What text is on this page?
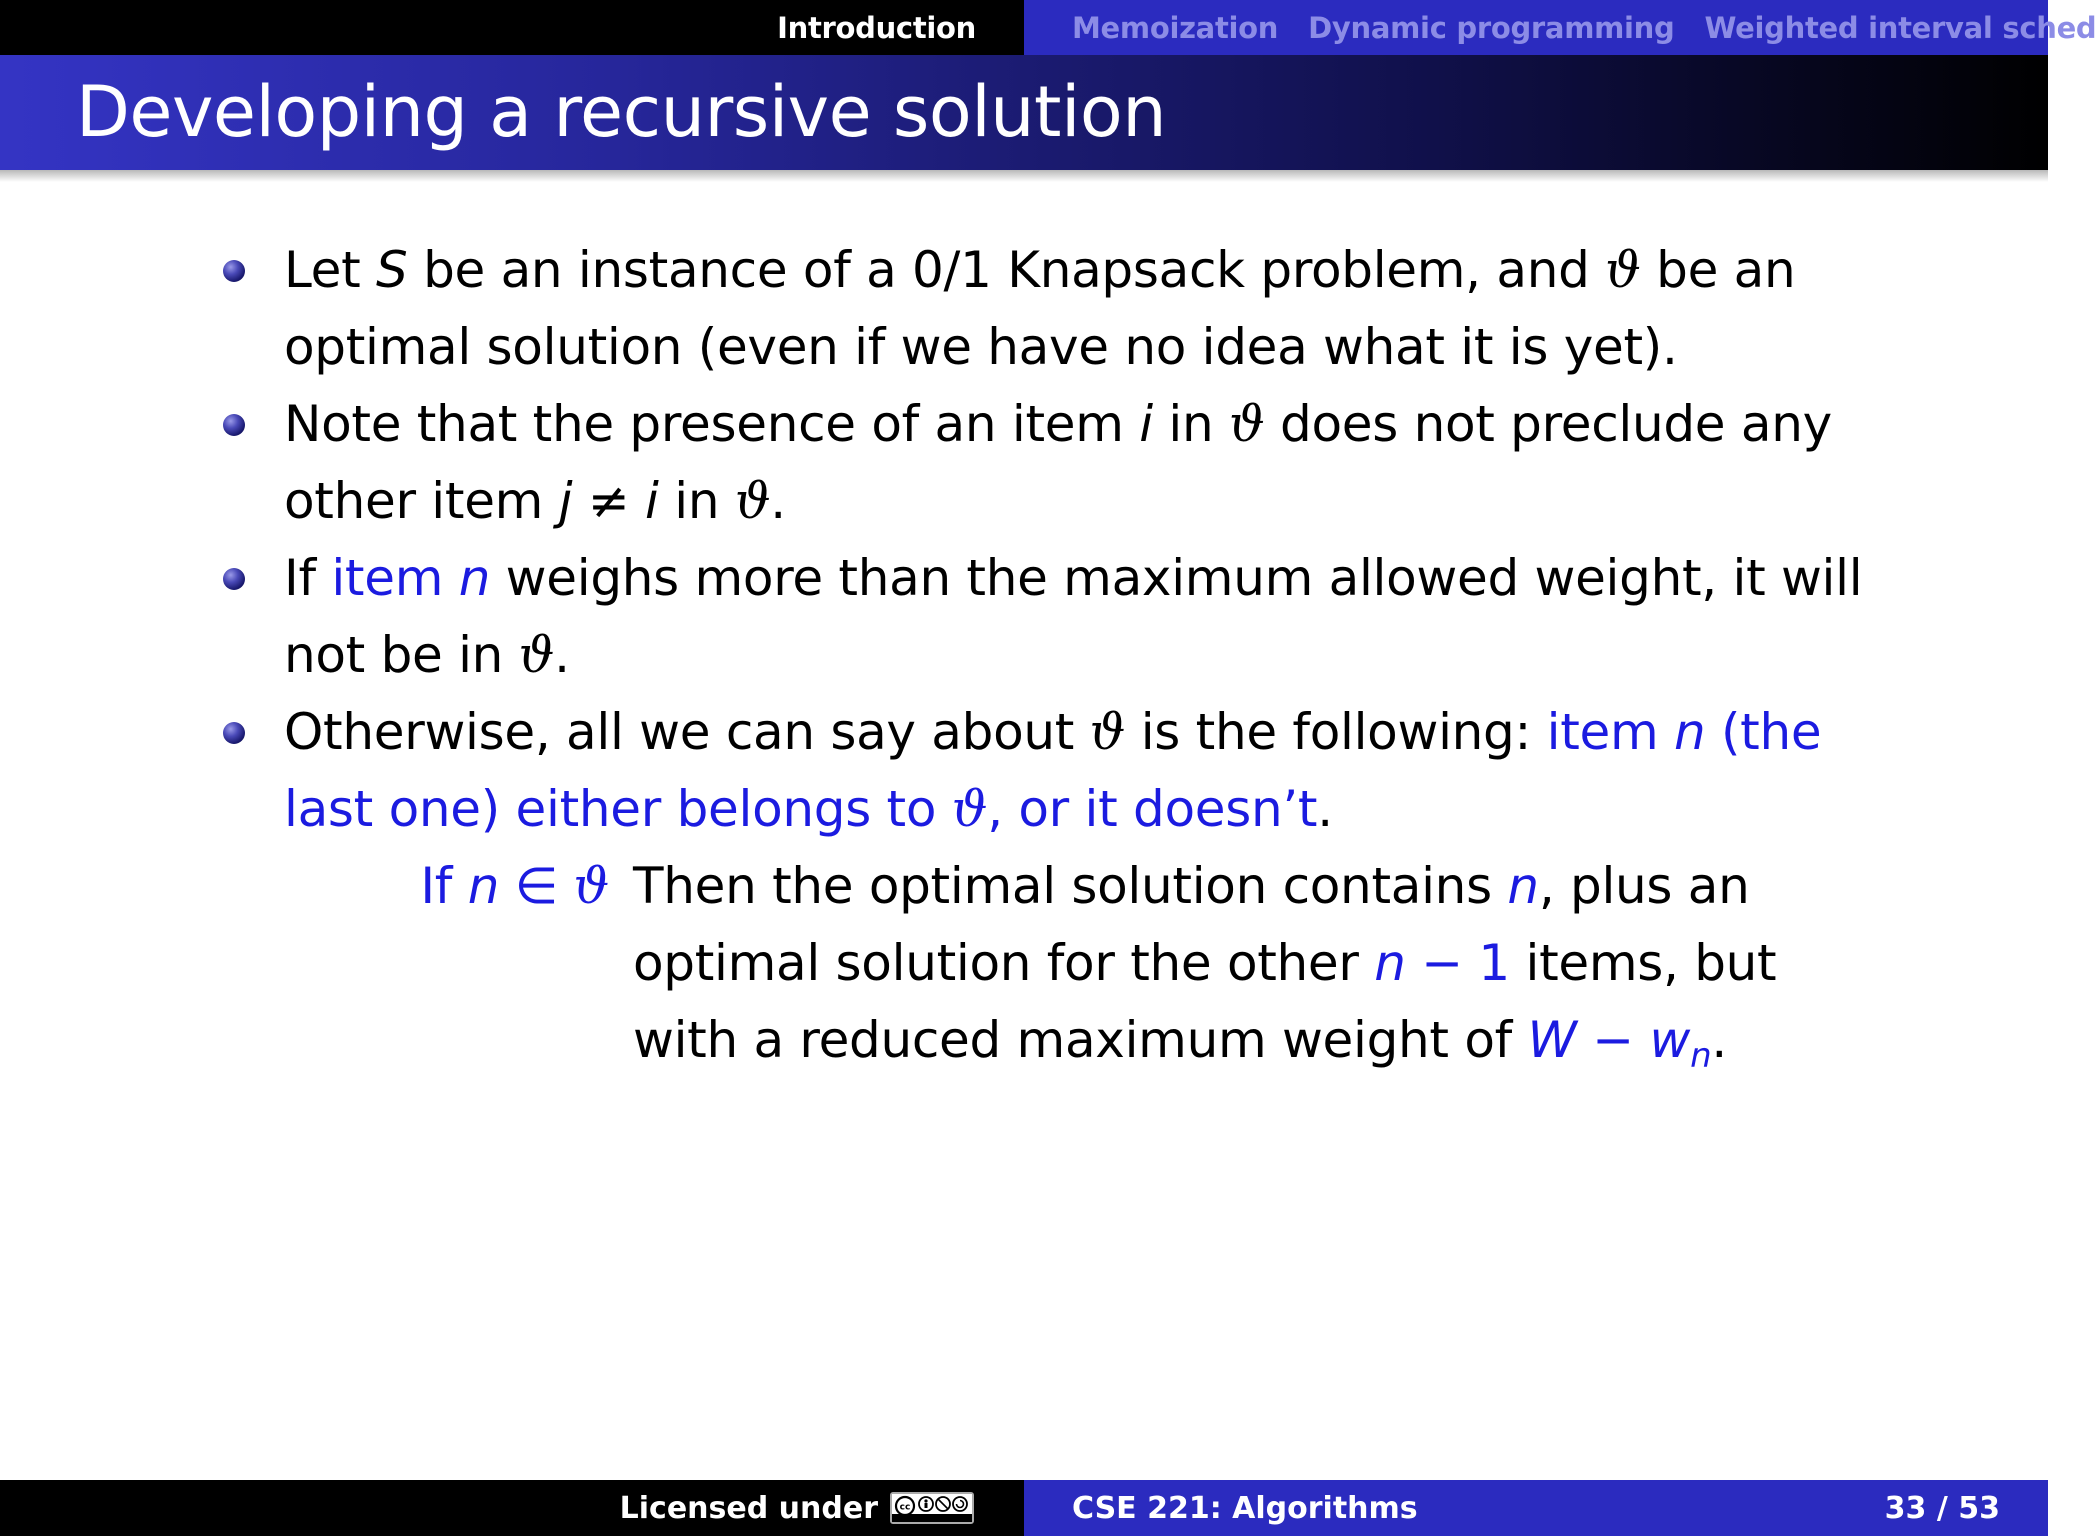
Introduction	Memoization Dynamic programming Weighted interval sched
Developing a recursive solution
Let S be an instance of a 0/1 Knapsack problem, and ϑ be an optimal solution (even if we have no idea what it is yet).
Note that the presence of an item i in ϑ does not preclude any other item j ≠ i in ϑ.
If item n weighs more than the maximum allowed weight, it will not be in ϑ.
Otherwise, all we can say about ϑ is the following: item n (the last one) either belongs to ϑ, or it doesn’t.
If n ∈ ϑ Then the optimal solution contains n, plus an optimal solution for the other n − 1 items, but with a reduced maximum weight of $W - w_n$.
Licensed under cc	CSE 221: Algorithms	33 / 53
